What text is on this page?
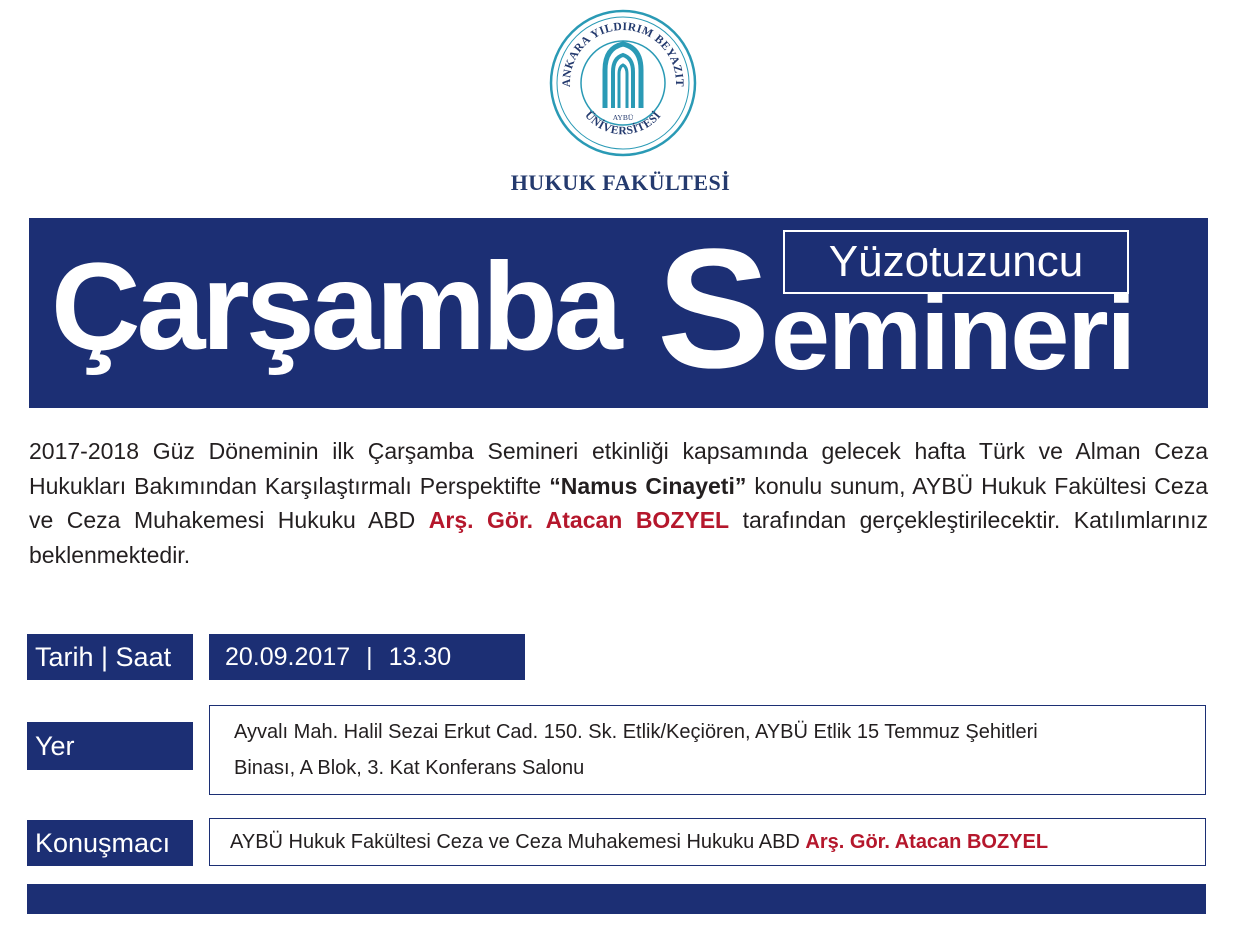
ANKARA YILDIRIM BEYAZIT
ÜNİVERSİTESİ
AYBÜ
HUKUK FAKÜLTESİ
Çarşamba S emineri
Yüzotuzuncu
2017-2018 Güz Döneminin ilk Çarşamba Semineri etkinliği kapsamında gelecek hafta Türk ve Alman Ceza Hukukları Bakımından Karşılaştırmalı Perspektifte “Namus Cinayeti” konulu sunum, AYBÜ Hukuk Fakültesi Ceza ve Ceza Muhakemesi Hukuku ABD Arş. Gör. Atacan BOZYEL tarafından gerçekleştirilecektir. Katılımlarınız beklenmektedir.
Tarih | Saat 20.09.2017 | 13.30
Yer	Ayvalı Mah. Halil Sezai Erkut Cad. 150. Sk. Etlik/Keçiören, AYBÜ Etlik 15 Temmuz Şehitleri
Binası, A Blok, 3. Kat Konferans Salonu
Konuşmacı	AYBÜ Hukuk Fakültesi Ceza ve Ceza Muhakemesi Hukuku ABD Arş. Gör. Atacan BOZYEL
